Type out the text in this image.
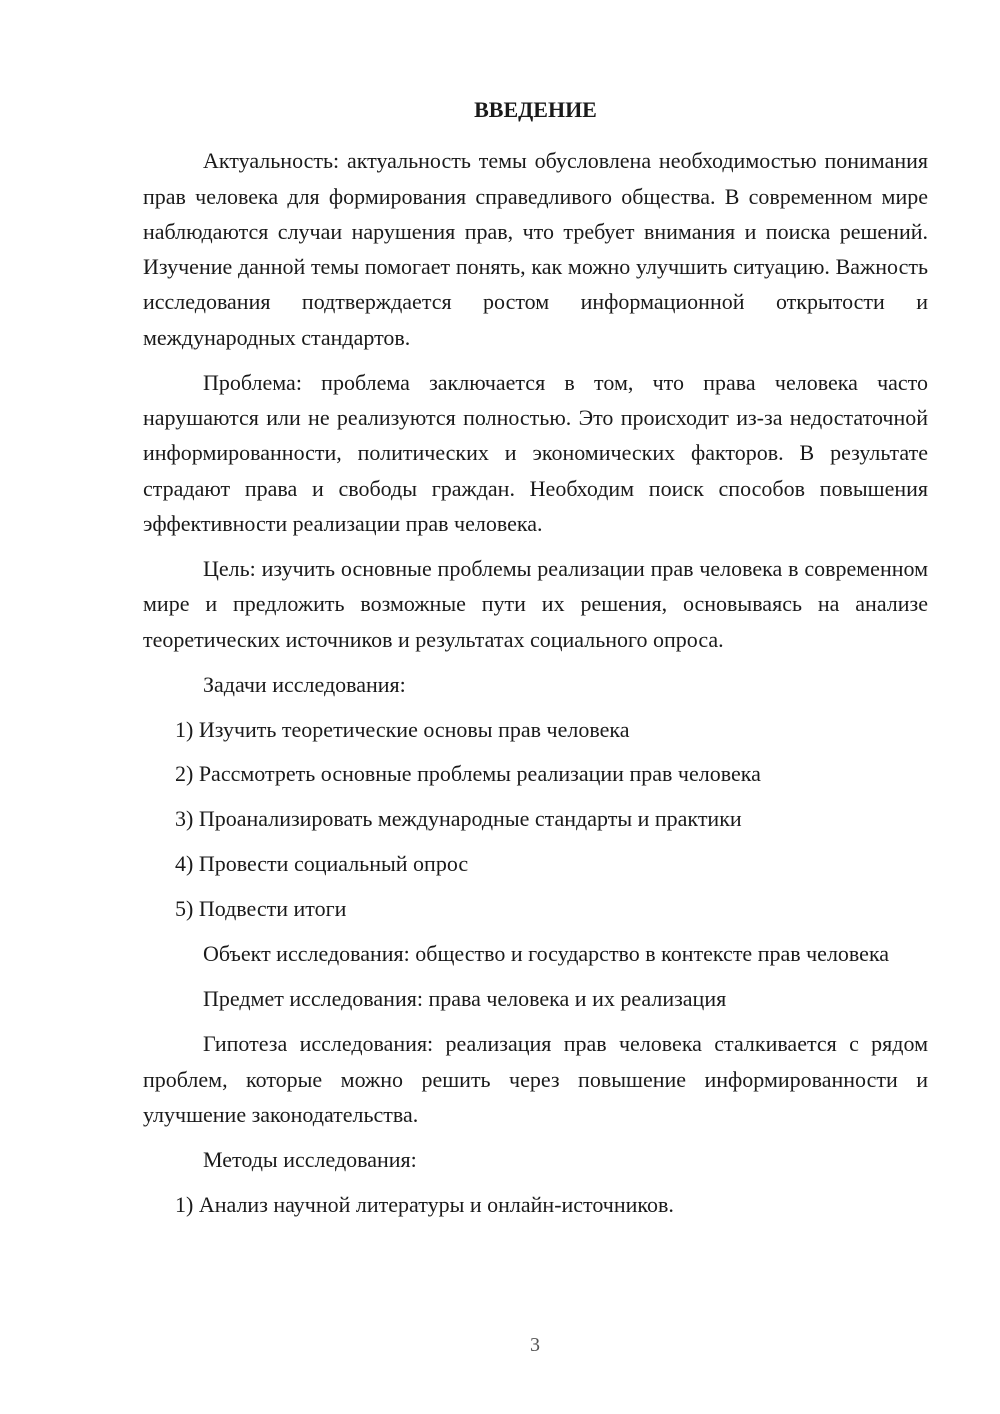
ВВЕДЕНИЕ

Актуальность: актуальность темы обусловлена необходимостью понимания прав человека для формирования справедливого общества. В современном мире наблюдаются случаи нарушения прав, что требует внимания и поиска решений. Изучение данной темы помогает понять, как можно улучшить ситуацию. Важность исследования подтверждается ростом информационной открытости и международных стандартов.

Проблема: проблема заключается в том, что права человека часто нарушаются или не реализуются полностью. Это происходит из-за недостаточной информированности, политических и экономических факторов. В результате страдают права и свободы граждан. Необходим поиск способов повышения эффективности реализации прав человека.

Цель: изучить основные проблемы реализации прав человека в современном мире и предложить возможные пути их решения, основываясь на анализе теоретических источников и результатах социального опроса.

Задачи исследования:

1) Изучить теоретические основы прав человека

2) Рассмотреть основные проблемы реализации прав человека

3) Проанализировать международные стандарты и практики

4) Провести социальный опрос

5) Подвести итоги

Объект исследования: общество и государство в контексте прав человека

Предмет исследования: права человека и их реализация

Гипотеза исследования: реализация прав человека сталкивается с рядом проблем, которые можно решить через повышение информированности и улучшение законодательства.

Методы исследования:

1) Анализ научной литературы и онлайн-источников.

3
